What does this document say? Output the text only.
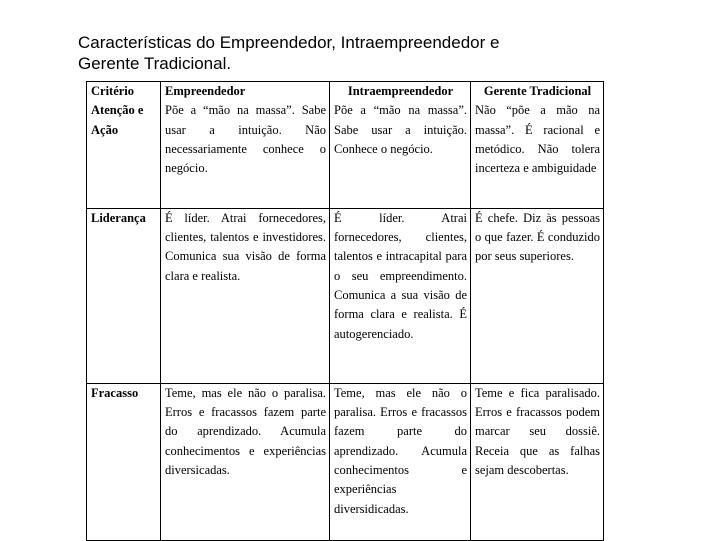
Características do Empreendedor, Intraempreendedor e
Gerente Tradicional.
Critério	Empreendedor	Intraempreendedor	Gerente Tradicional
Atenção e Ação	Põe a “mão na massa”. Sabe usar a intuição. Não necessariamente conhece o negócio.	Põe a “mão na massa”. Sabe usar a intuição. Conhece o negócio.	Não “põe a mão na massa”. É racional e metódico. Não tolera incerteza e ambiguidade
Liderança	É líder. Atrai fornecedores, clientes, talentos e investidores. Comunica sua visão de forma clara e realista.	É líder. Atrai fornecedores, clientes, talentos e intracapital para o seu empreendimento. Comunica a sua visão de forma clara e realista. É autogerenciado.	É chefe. Diz às pessoas o que fazer. É conduzido por seus superiores.
Fracasso	Teme, mas ele não o paralisa. Erros e fracassos fazem parte do aprendizado. Acumula conhecimentos e experiências diversicadas.	Teme, mas ele não o paralisa. Erros e fracassos fazem parte do aprendizado. Acumula conhecimentos e experiências diversidicadas.	Teme e fica paralisado. Erros e fracassos podem marcar seu dossiê. Receia que as falhas sejam descobertas.
